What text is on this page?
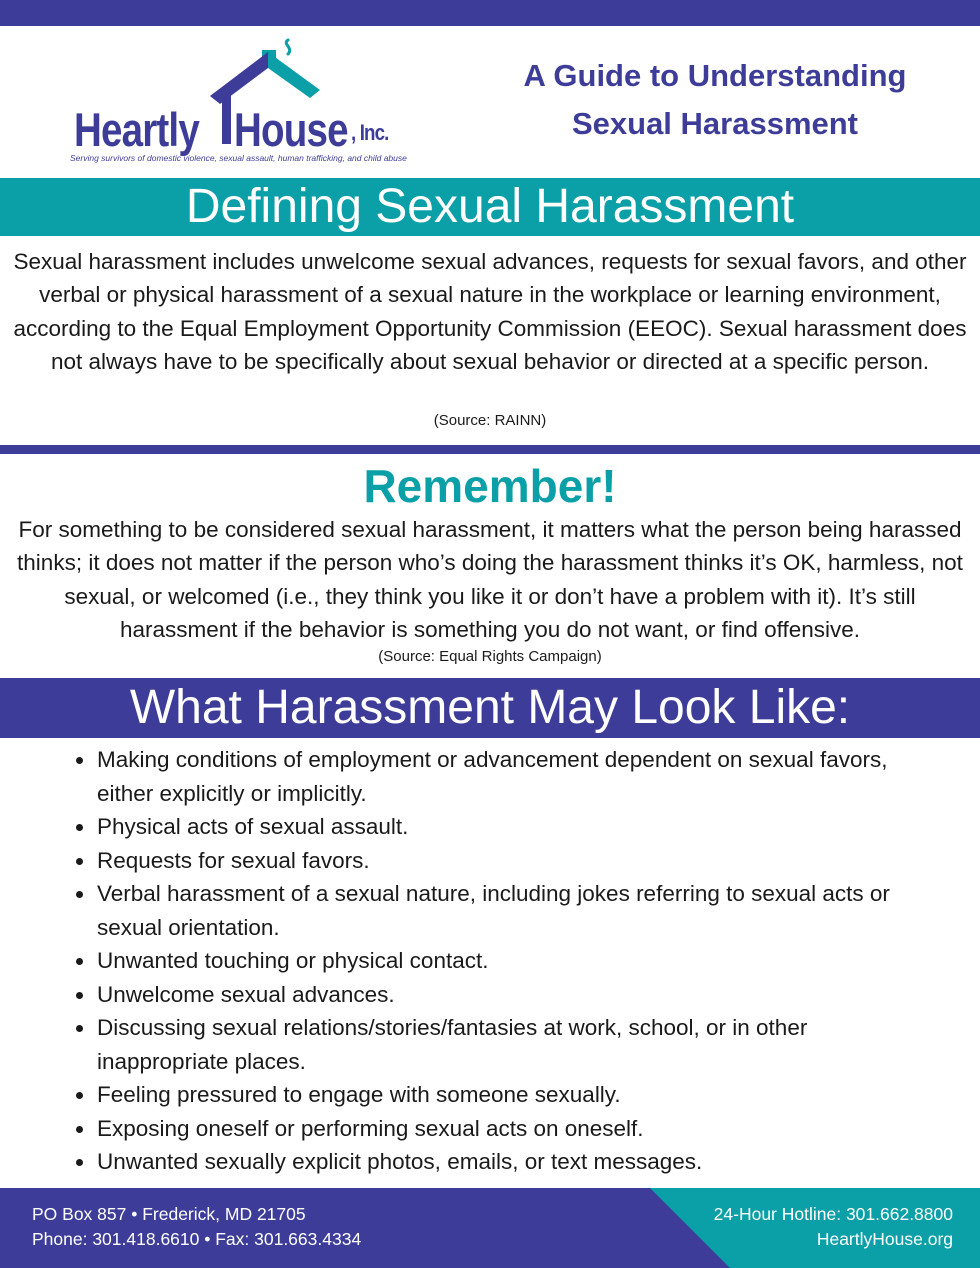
Heartly House , Inc.
Serving survivors of domestic violence, sexual assault, human trafficking, and child abuse
A Guide to Understanding
Sexual Harassment
Defining Sexual Harassment

Sexual harassment includes unwelcome sexual advances, requests for sexual favors, and other verbal or physical harassment of a sexual nature in the workplace or learning environment, according to the Equal Employment Opportunity Commission (EEOC). Sexual harassment does not always have to be specifically about sexual behavior or directed at a specific person.

(Source: RAINN)
Remember!

For something to be considered sexual harassment, it matters what the person being harassed thinks; it does not matter if the person who’s doing the harassment thinks it’s OK, harmless, not sexual, or welcomed (i.e., they think you like it or don’t have a problem with it). It’s still harassment if the behavior is something you do not want, or find offensive.

(Source: Equal Rights Campaign)
What Harassment May Look Like:
Making conditions of employment or advancement dependent on sexual favors, either explicitly or implicitly.
Physical acts of sexual assault.
Requests for sexual favors.
Verbal harassment of a sexual nature, including jokes referring to sexual acts or sexual orientation.
Unwanted touching or physical contact.
Unwelcome sexual advances.
Discussing sexual relations/stories/fantasies at work, school, or in other inappropriate places.
Feeling pressured to engage with someone sexually.
Exposing oneself or performing sexual acts on oneself.
Unwanted sexually explicit photos, emails, or text messages.
PO Box 857 • Frederick, MD 21705
Phone: 301.418.6610 • Fax: 301.663.4334
24-Hour Hotline: 301.662.8800
HeartlyHouse.org
